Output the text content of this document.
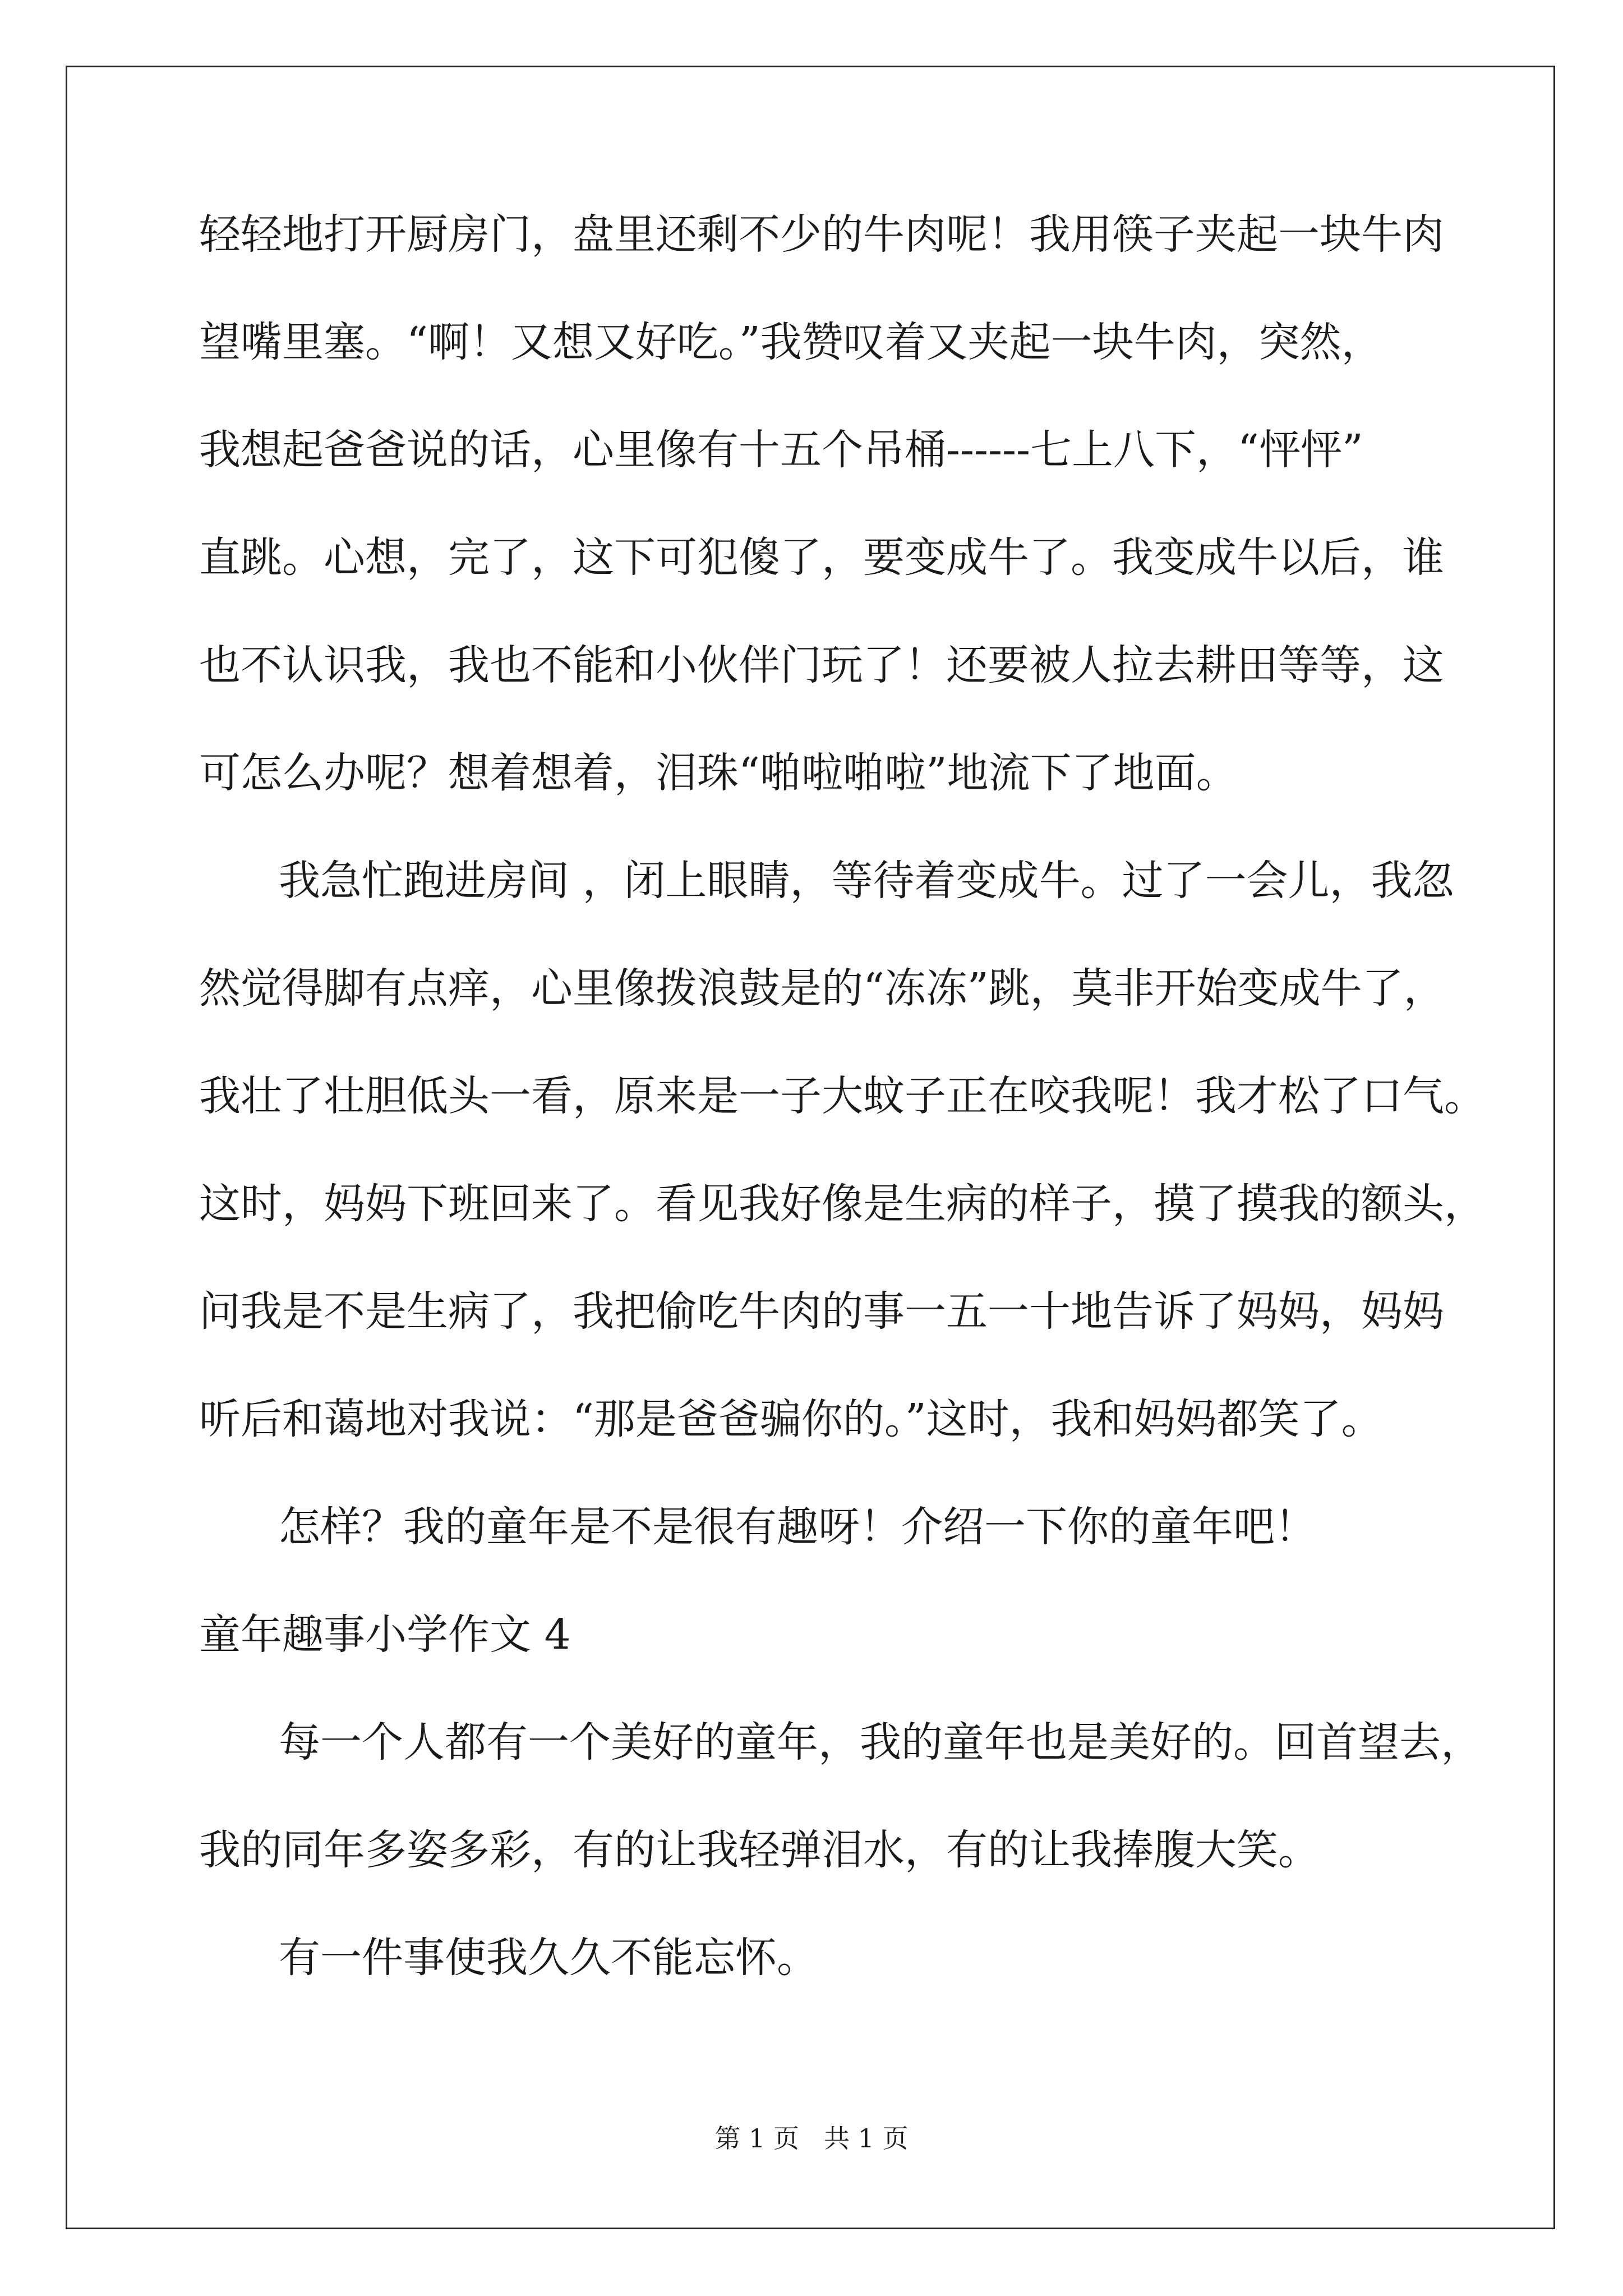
轻轻地打开厨房门，盘里还剩不少的牛肉呢！我用筷子夹起一块牛肉
望嘴里塞。“啊！又想又好吃。”我赞叹着又夹起一块牛肉，突然，
我想起爸爸说的话，心里像有十五个吊桶------七上八下，“怦怦”
直跳。心想，完了，这下可犯傻了，要变成牛了。我变成牛以后，谁
也不认识我，我也不能和小伙伴门玩了！还要被人拉去耕田等等，这
可怎么办呢？想着想着，泪珠“啪啦啪啦”地流下了地面。
我急忙跑进房间 ，闭上眼睛，等待着变成牛。过了一会儿，我忽
然觉得脚有点痒，心里像拨浪鼓是的“冻冻”跳，莫非开始变成牛了，
我壮了壮胆低头一看，原来是一子大蚊子正在咬我呢！我才松了口气。
这时，妈妈下班回来了。看见我好像是生病的样子，摸了摸我的额头，
问我是不是生病了，我把偷吃牛肉的事一五一十地告诉了妈妈，妈妈
听后和蔼地对我说：“那是爸爸骗你的。”这时，我和妈妈都笑了。
怎样？我的童年是不是很有趣呀！介绍一下你的童年吧！
童年趣事小学作文 4
每一个人都有一个美好的童年，我的童年也是美好的。回首望去，
我的同年多姿多彩，有的让我轻弹泪水，有的让我捧腹大笑。
有一件事使我久久不能忘怀。
第 1 页 共 1 页
